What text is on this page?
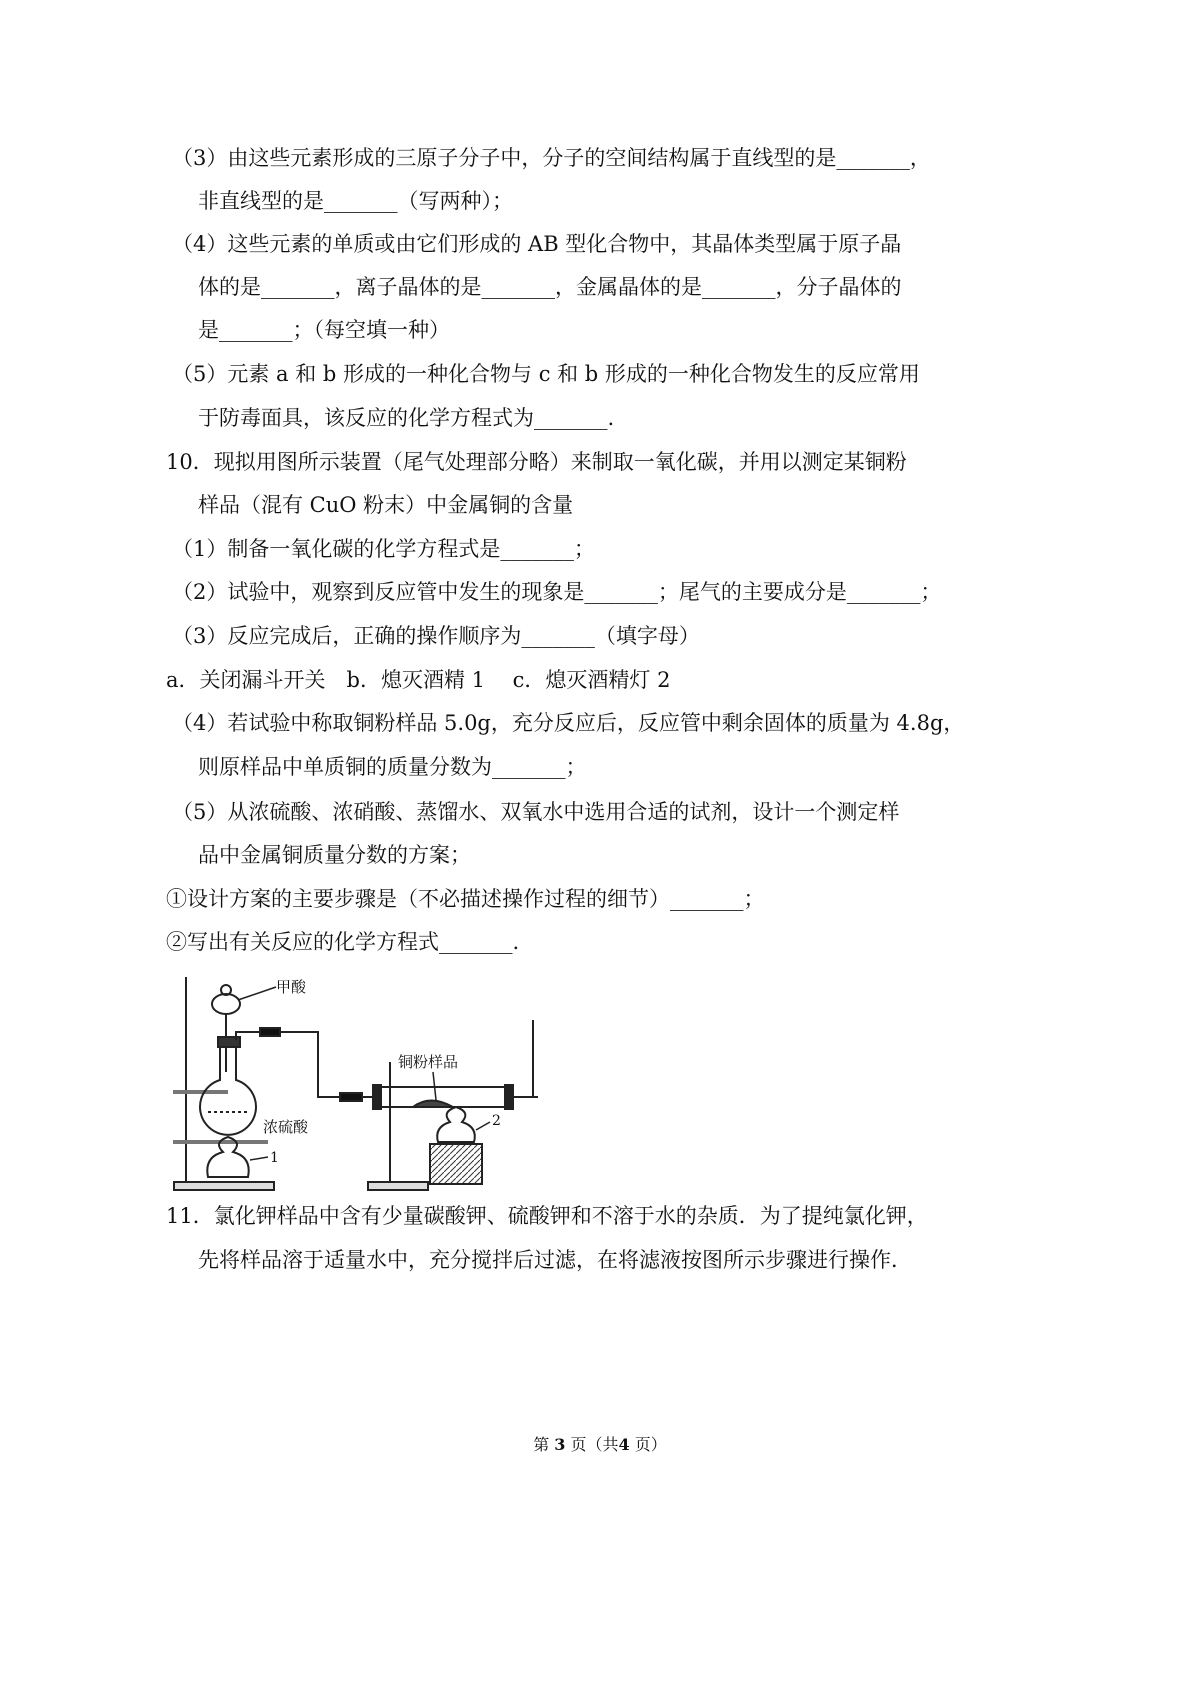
（3）由这些元素形成的三原子分子中，分子的空间结构属于直线型的是_______，
非直线型的是_______（写两种）；
（4）这些元素的单质或由它们形成的 AB 型化合物中，其晶体类型属于原子晶
体的是_______，离子晶体的是_______，金属晶体的是_______，分子晶体的
是_______；（每空填一种）
（5）元素 a 和 b 形成的一种化合物与 c 和 b 形成的一种化合物发生的反应常用
于防毒面具，该反应的化学方程式为_______.
10．现拟用图所示装置（尾气处理部分略）来制取一氧化碳，并用以测定某铜粉
样品（混有 CuO 粉末）中金属铜的含量
（1）制备一氧化碳的化学方程式是_______；
（2）试验中，观察到反应管中发生的现象是_______；尾气的主要成分是_______；
（3）反应完成后，正确的操作顺序为_______（填字母）
a．关闭漏斗开关　b．熄灭酒精 1　 c．熄灭酒精灯 2
（4）若试验中称取铜粉样品 5.0g，充分反应后，反应管中剩余固体的质量为 4.8g，
则原样品中单质铜的质量分数为_______；
（5）从浓硫酸、浓硝酸、蒸馏水、双氧水中选用合适的试剂，设计一个测定样
品中金属铜质量分数的方案；
①设计方案的主要步骤是（不必描述操作过程的细节）_______；
②写出有关反应的化学方程式_______.
11．氯化钾样品中含有少量碳酸钾、硫酸钾和不溶于水的杂质．为了提纯氯化钾，
先将样品溶于适量水中，充分搅拌后过滤，在将滤液按图所示步骤进行操作．
甲酸
浓硫酸
1
铜粉样品
2
第 3 页（共4 页）
